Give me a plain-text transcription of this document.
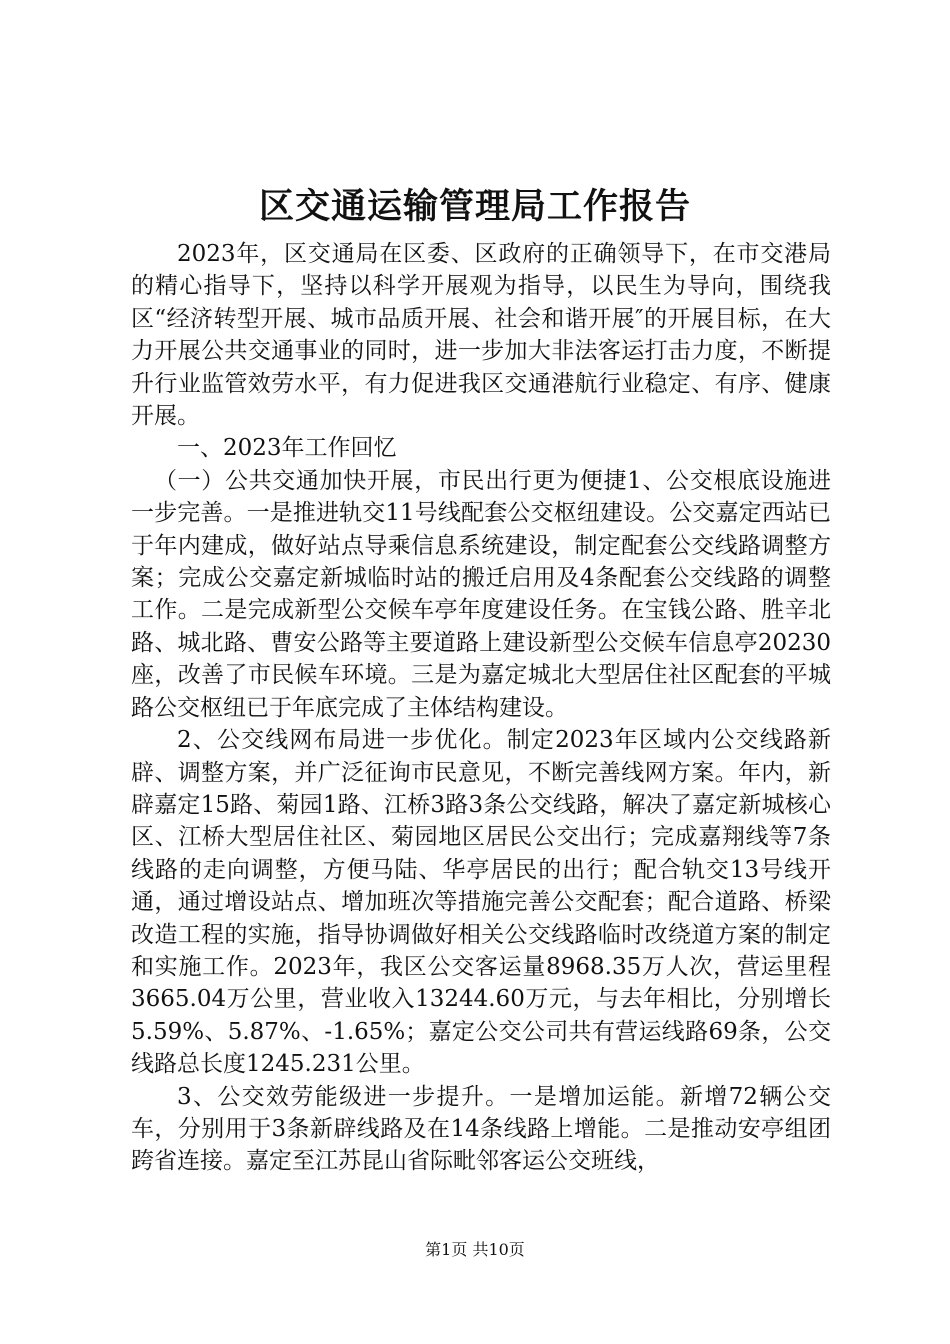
区交通运输管理局工作报告

2023年，区交通局在区委、区政府的正确领导下，在市交港局的精心指导下，坚持以科学开展观为指导，以民生为导向，围绕我区“经济转型开展、城市品质开展、社会和谐开展″的开展目标，在大力开展公共交通事业的同时，进一步加大非法客运打击力度，不断提升行业监管效劳水平，有力促进我区交通港航行业稳定、有序、健康开展。

一、2023年工作回忆

（一）公共交通加快开展，市民出行更为便捷1、公交根底设施进一步完善。一是推进轨交11号线配套公交枢纽建设。公交嘉定西站已于年内建成，做好站点导乘信息系统建设，制定配套公交线路调整方案；完成公交嘉定新城临时站的搬迁启用及4条配套公交线路的调整工作。二是完成新型公交候车亭年度建设任务。在宝钱公路、胜辛北路、城北路、曹安公路等主要道路上建设新型公交候车信息亭20230座，改善了市民候车环境。三是为嘉定城北大型居住社区配套的平城路公交枢纽已于年底完成了主体结构建设。

2、公交线网布局进一步优化。制定2023年区域内公交线路新辟、调整方案，并广泛征询市民意见，不断完善线网方案。年内，新辟嘉定15路、菊园1路、江桥3路3条公交线路，解决了嘉定新城核心区、江桥大型居住社区、菊园地区居民公交出行；完成嘉翔线等7条线路的走向调整，方便马陆、华亭居民的出行；配合轨交13号线开通，通过增设站点、增加班次等措施完善公交配套；配合道路、桥梁改造工程的实施，指导协调做好相关公交线路临时改绕道方案的制定和实施工作。2023年，我区公交客运量8968.35万人次，营运里程3665.04万公里，营业收入13244.60万元，与去年相比，分别增长5.59%、5.87%、-1.65%；嘉定公交公司共有营运线路69条，公交线路总长度1245.231公里。

3、公交效劳能级进一步提升。一是增加运能。新增72辆公交车，分别用于3条新辟线路及在14条线路上增能。二是推动安亭组团跨省连接。嘉定至江苏昆山省际毗邻客运公交班线，

第1页 共10页
